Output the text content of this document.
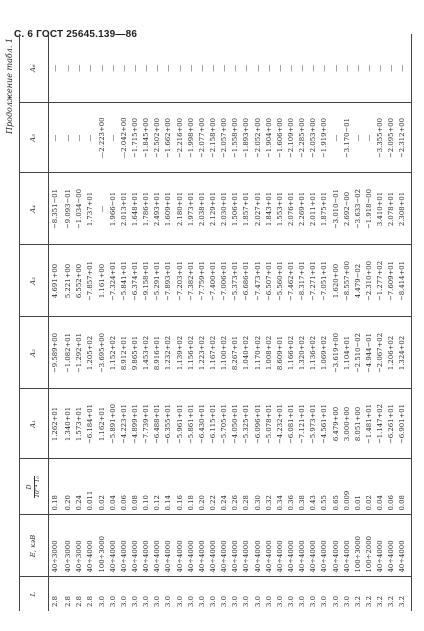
С. 6 ГОСТ 25645.139—86
Продолжение табл. 1
L	E, кэВ	D 10⁻⁴ T₀	A₁	A₂	A₃	A₄	A₅	A₆
2.8	40÷3000	0.18	1.262+01	−9.589+00	4.691+00	−8.351−01	—	—
2.8	40÷3000	0.20	1.340+01	−1.082+01	5.221+00	−9.093−01	—	—
2.8	40÷3000	0.24	1.573+01	−1.292+01	6.552+00	−1.034−00	—	—
2.8	40÷4000	0.011	−6.184+01	1.205+02	−7.857+01	1.737+01	—	—
3.0	100÷3000	0.02	1.162+01	−3.695+00	1.161+00	—	—2.223+00	—
3.0	40÷4000	0.04	−5.891+00	1.152+02	−7.324+01	1.966−01	—	—
3.0	40÷4000	0.06	−4.223+01	8.912+01	−5.841+01	2.013+01	—2.042+00	—
3.0	40÷4000	0.08	−4.899+01	9.865+01	−6.374+01	1.648+01	−1.715+00	—
3.0	40÷4000	0.10	−7.739+01	1.453+02	−9.158+01	1.786+01	−1.845+00	—
3.0	40÷4000	0.12	−6.488+01	8.916+01	−5.291+01	2.493+01	−2.502+00	—
3.0	40÷4000	0.14	−6.355+01	1.232+02	−7.893+01	1.609+01	−1.662+00	—
3.0	40÷4000	0.16	−5.961+01	1.139+02	−7.203+01	2.180+01	−2.216+00	—
3.0	40÷4000	0.18	−5.861+01	1.156+02	−7.382+01	1.973+01	−1.998+00	—
3.0	40÷4000	0.20	−6.430+01	1.223+02	−7.759+01	2.038+01	−2.077+00	—
3.0	40÷4000	0.22	−6.115+01	1.167+02	−7.400+01	2.129+01	−2.158+00	—
3.0	40÷4000	0.24	−5.705+01	1.100+02	−7.006+01	2.030+01	−2.057+00	—
3.0	40÷4000	0.26	−4.050+01	8.267+01	−5.373+01	1.506+01	−1.558+00	—
3.0	40÷4000	0.28	−5.325+01	1.040+02	−6.686+01	1.857+01	−1.893+00	—
3.0	40÷4000	0.30	−6.096+01	1.170+02	−7.473+01	2.027+01	−2.052+00	—
3.0	40÷4000	0.32	−5.078+01	1.008+02	−6.507+01	1.843+01	−1.904+00	—
3.0	40÷4000	0.34	−4.232+01	8.609+01	−5.560+01	1.553+01	−1.606+00	—
3.0	40÷4000	0.36	−6.081+01	1.166+02	−7.462+01	2.076+01	−2.109+00	—
3.0	40÷4000	0.38	−7.121+01	1.320+02	−8.317+01	2.269+01	−2.285+00	—
3.0	40÷4000	0.43	−5.973+01	1.136+02	−7.271+01	2.011+01	−2.053+00	—
3.0	40÷4000	0.55	−4.561+01	1.069+02	−7.051+01	1.875+01	−1.919+00	—
3.0	40÷4000	0.65	6.479+00	−3.619+00	1.620+00	−3.010−01	—	—
3.0	40÷4000	0.009	3.000+00	1.104+01	−8.557+00	2.692−00	−3.170−01	—
3.2	100÷3000	0.01	8.051+00	−2.510−02	4.479−02	−3.633−02	—	—
3.2	100÷2000	0.02	−1.481+01	−4.944−01	−2.310+00	−1.918−00	—	—
3.2	40÷4000	0.04	−1.147+02	−2.067+02	−1.277+02	3.410+01	−3.355+00	—
3.2	40÷4000	0.06	−6.261+01	1.206+02	−7.609+01	2.078+01	−2.095+00	—
3.2	40÷4000	0.08	−6.901+01	1.324+02	−8.414+01	2.308+01	−2.312+00	—
